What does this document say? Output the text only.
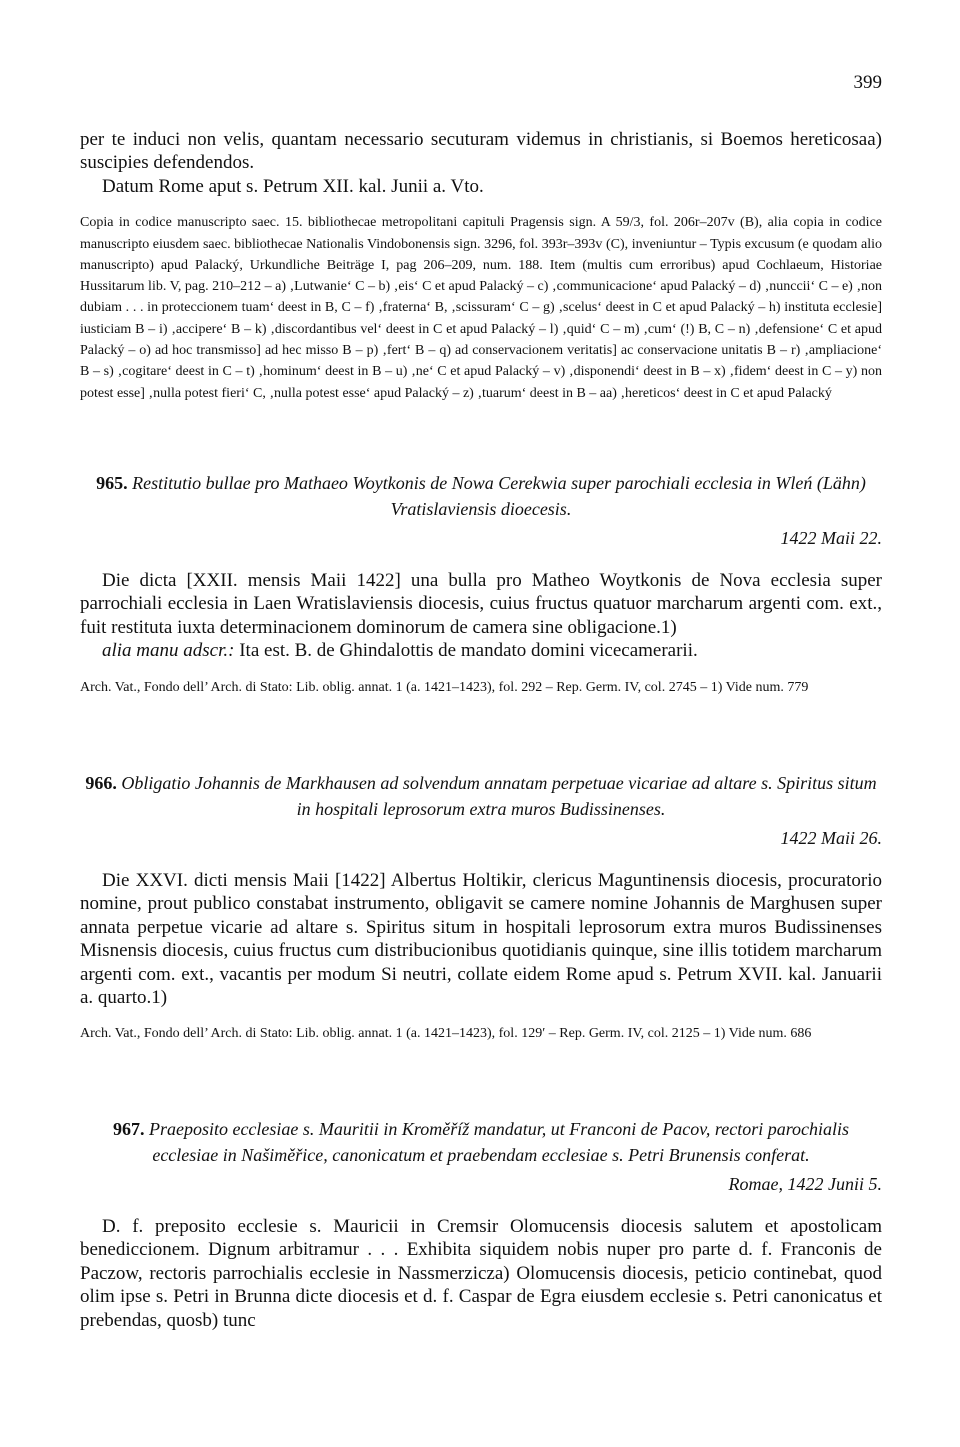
399

per te induci non velis, quantam necessario secuturam videmus in christianis, si Boemos hereticosaa) suscipies defendendos.

Datum Rome aput s. Petrum XII. kal. Junii a. Vto.

Copia in codice manuscripto saec. 15. bibliothecae metropolitani capituli Pragensis sign. A 59/3, fol. 206r–207v (B), alia copia in codice manuscripto eiusdem saec. bibliothecae Nationalis Vindobonensis sign. 3296, fol. 393r–393v (C), inveniuntur – Typis excusum (e quodam alio manuscripto) apud Palacký, Urkundliche Beiträge I, pag 206–209, num. 188. Item (multis cum erroribus) apud Cochlaeum, Historiae Hussitarum lib. V, pag. 210–212 – a) ‚Lutwanie‘ C – b) ‚eis‘ C et apud Palacký – c) ‚communicacione‘ apud Palacký – d) ‚nunccii‘ C – e) ‚non dubiam . . . in proteccionem tuam‘ deest in B, C – f) ‚fraterna‘ B, ‚scissuram‘ C – g) ‚scelus‘ deest in C et apud Palacký – h) instituta ecclesie] iusticiam B – i) ‚accipere‘ B – k) ‚discordantibus vel‘ deest in C et apud Palacký – l) ‚quid‘ C – m) ‚cum‘ (!) B, C – n) ‚defensione‘ C et apud Palacký – o) ad hoc transmisso] ad hec misso B – p) ‚fert‘ B – q) ad conservacionem veritatis] ac conservacione unitatis B – r) ‚ampliacione‘ B – s) ‚cogitare‘ deest in C – t) ‚hominum‘ deest in B – u) ‚ne‘ C et apud Palacký – v) ‚disponendi‘ deest in B – x) ‚fidem‘ deest in C – y) non potest esse] ‚nulla potest fieri‘ C, ‚nulla potest esse‘ apud Palacký – z) ‚tuarum‘ deest in B – aa) ‚hereticos‘ deest in C et apud Palacký

965. Restitutio bullae pro Mathaeo Woytkonis de Nowa Cerekwia super parochiali ecclesia in Wleń (Lähn) Vratislaviensis dioecesis.

1422 Maii 22.

Die dicta [XXII. mensis Maii 1422] una bulla pro Matheo Woytkonis de Nova ecclesia super parrochiali ecclesia in Laen Wratislaviensis diocesis, cuius fructus quatuor marcharum argenti com. ext., fuit restituta iuxta determinacionem dominorum de camera sine obligacione.1)

alia manu adscr.: Ita est. B. de Ghindalottis de mandato domini vicecamerarii.

Arch. Vat., Fondo dell’ Arch. di Stato: Lib. oblig. annat. 1 (a. 1421–1423), fol. 292 – Rep. Germ. IV, col. 2745 – 1) Vide num. 779

966. Obligatio Johannis de Markhausen ad solvendum annatam perpetuae vicariae ad altare s. Spiritus situm in hospitali leprosorum extra muros Budissinenses.

1422 Maii 26.

Die XXVI. dicti mensis Maii [1422] Albertus Holtikir, clericus Maguntinensis diocesis, procuratorio nomine, prout publico constabat instrumento, obligavit se camere nomine Johannis de Marghusen super annata perpetue vicarie ad altare s. Spiritus situm in hospitali leprosorum extra muros Budissinenses Misnensis diocesis, cuius fructus cum distribucionibus quotidianis quinque, sine illis totidem marcharum argenti com. ext., vacantis per modum Si neutri, collate eidem Rome apud s. Petrum XVII. kal. Januarii a. quarto.1)

Arch. Vat., Fondo dell’ Arch. di Stato: Lib. oblig. annat. 1 (a. 1421–1423), fol. 129′ – Rep. Germ. IV, col. 2125 – 1) Vide num. 686

967. Praeposito ecclesiae s. Mauritii in Kroměříž mandatur, ut Franconi de Pacov, rectori parochialis ecclesiae in Našiměřice, canonicatum et praebendam ecclesiae s. Petri Brunensis conferat.

Romae, 1422 Junii 5.

D. f. preposito ecclesie s. Mauricii in Cremsir Olomucensis diocesis salutem et apostolicam benediccionem. Dignum arbitramur . . . Exhibita siquidem nobis nuper pro parte d. f. Franconis de Paczow, rectoris parrochialis ecclesie in Nassmerzicza) Olomucensis diocesis, peticio continebat, quod olim ipse s. Petri in Brunna dicte diocesis et d. f. Caspar de Egra eiusdem ecclesie s. Petri canonicatus et prebendas, quosb) tunc
